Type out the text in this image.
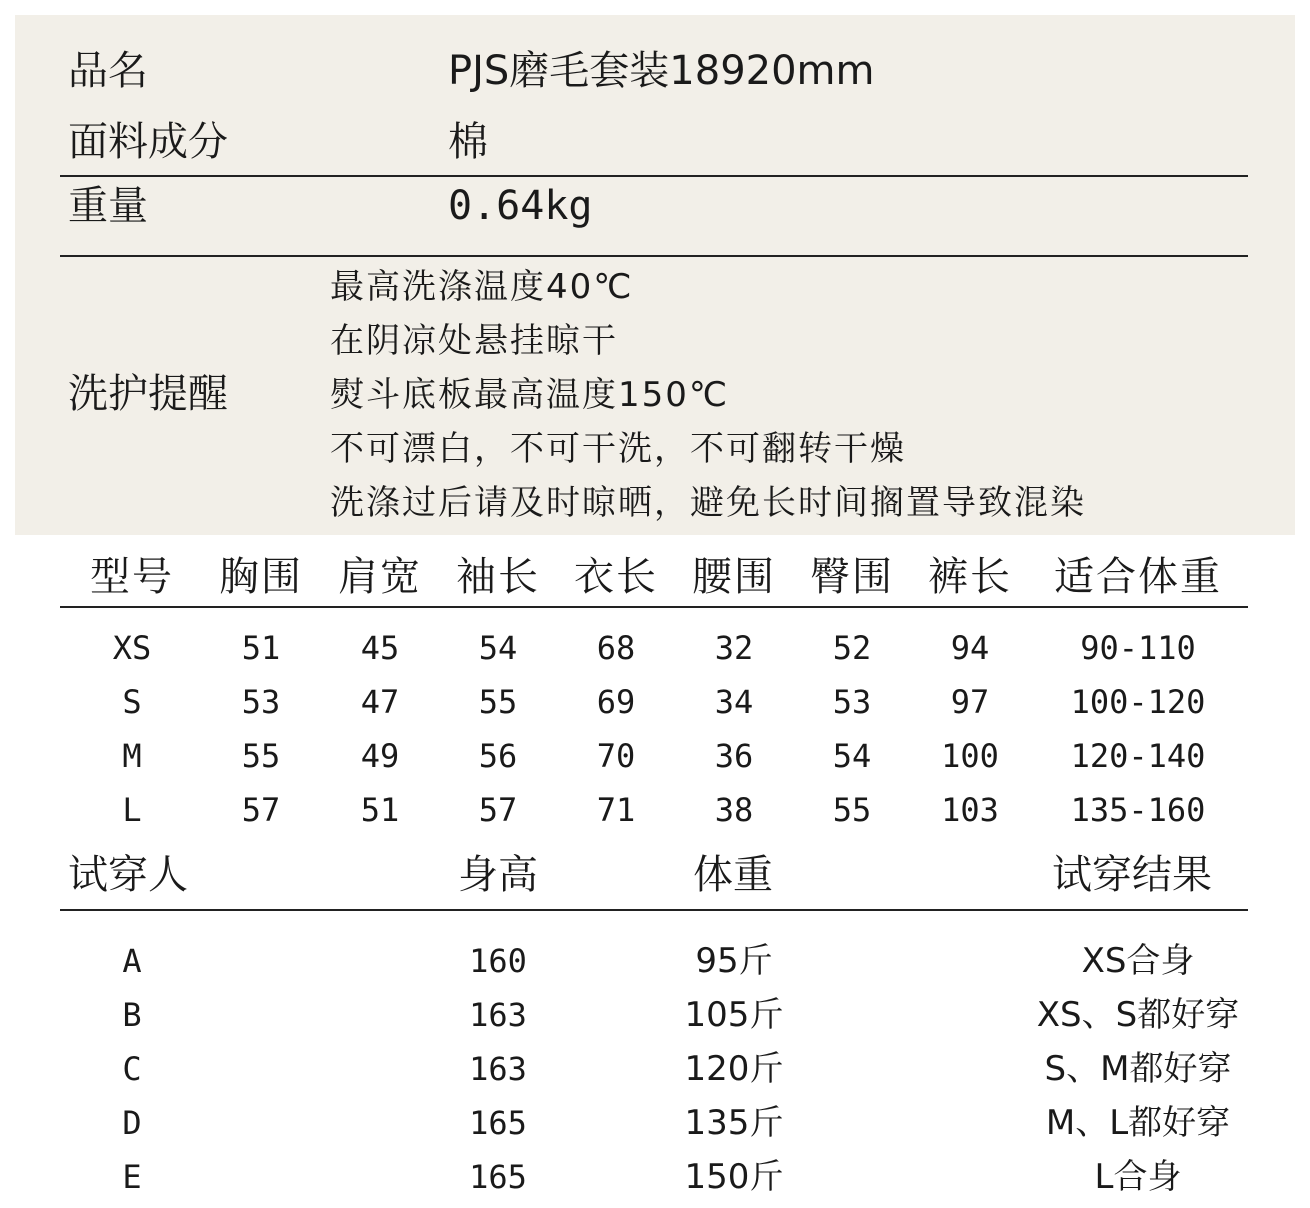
品名	PJS磨毛套装18920mm
面料成分	棉
重量	0.64kg
洗护提醒
最高洗涤温度40℃
在阴凉处悬挂晾干
熨斗底板最高温度150℃
不可漂白，不可干洗，不可翻转干燥
洗涤过后请及时晾晒，避免长时间搁置导致混染
型号	胸围 肩宽 袖长 衣长 腰围 臀围 裤长	适合体重
XS	51	45	54	68	32	52	94	90-110
S	53	47	55	69	34	53	97	100-120
M	55	49	56	70	36	54	100	120-140
L	57	51	57	71	38	55	103	135-160
试穿人	身高	体重	试穿结果
A	160	95斤	XS合身
B	163	105斤	XS、S都好穿
C	163	120斤	S、M都好穿
D	165	135斤	M、L都好穿
E	165	150斤	L合身
